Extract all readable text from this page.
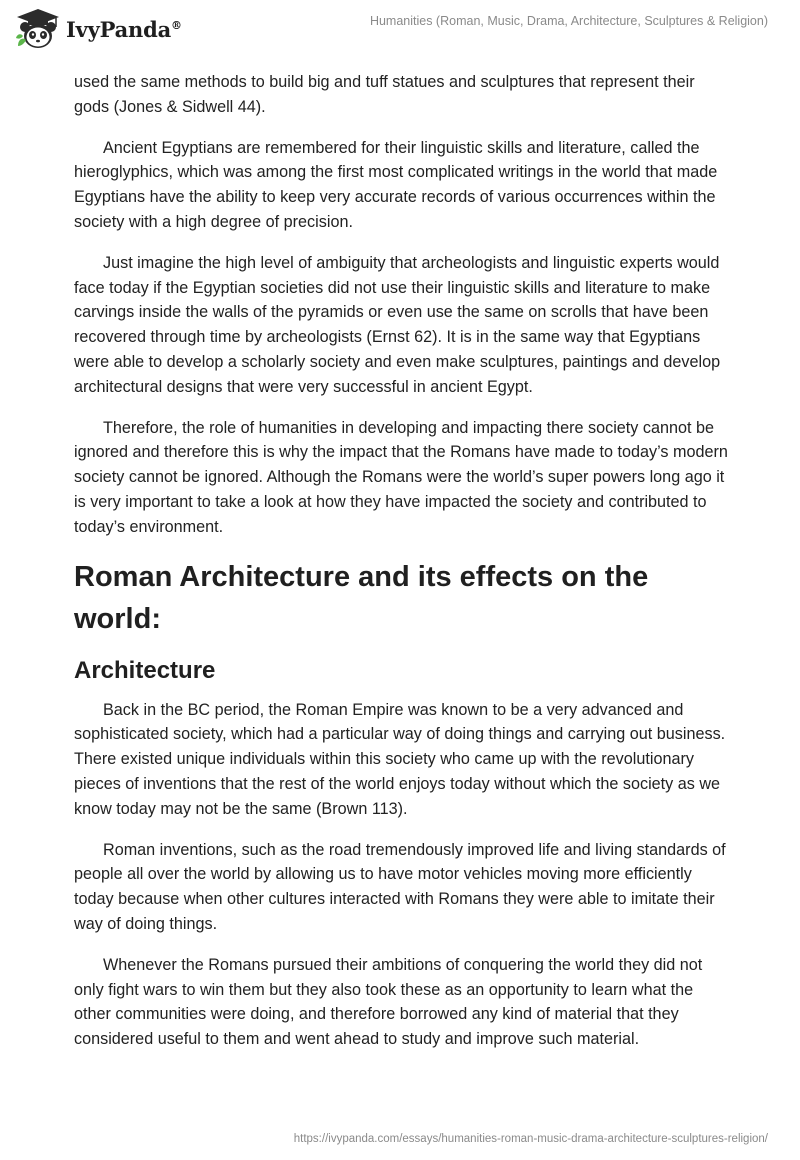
IvyPanda®	Humanities (Roman, Music, Drama, Architecture, Sculptures & Religion)

used the same methods to build big and tuff statues and sculptures that represent their gods (Jones & Sidwell 44).

Ancient Egyptians are remembered for their linguistic skills and literature, called the hieroglyphics, which was among the first most complicated writings in the world that made Egyptians have the ability to keep very accurate records of various occurrences within the society with a high degree of precision.

Just imagine the high level of ambiguity that archeologists and linguistic experts would face today if the Egyptian societies did not use their linguistic skills and literature to make carvings inside the walls of the pyramids or even use the same on scrolls that have been recovered through time by archeologists (Ernst 62). It is in the same way that Egyptians were able to develop a scholarly society and even make sculptures, paintings and develop architectural designs that were very successful in ancient Egypt.

Therefore, the role of humanities in developing and impacting there society cannot be ignored and therefore this is why the impact that the Romans have made to today’s modern society cannot be ignored. Although the Romans were the world’s super powers long ago it is very important to take a look at how they have impacted the society and contributed to today’s environment.

Roman Architecture and its effects on the world:
Architecture

Back in the BC period, the Roman Empire was known to be a very advanced and sophisticated society, which had a particular way of doing things and carrying out business. There existed unique individuals within this society who came up with the revolutionary pieces of inventions that the rest of the world enjoys today without which the society as we know today may not be the same (Brown 113).

Roman inventions, such as the road tremendously improved life and living standards of people all over the world by allowing us to have motor vehicles moving more efficiently today because when other cultures interacted with Romans they were able to imitate their way of doing things.

Whenever the Romans pursued their ambitions of conquering the world they did not only fight wars to win them but they also took these as an opportunity to learn what the other communities were doing, and therefore borrowed any kind of material that they considered useful to them and went ahead to study and improve such material.

https://ivypanda.com/essays/humanities-roman-music-drama-architecture-sculptures-religion/
